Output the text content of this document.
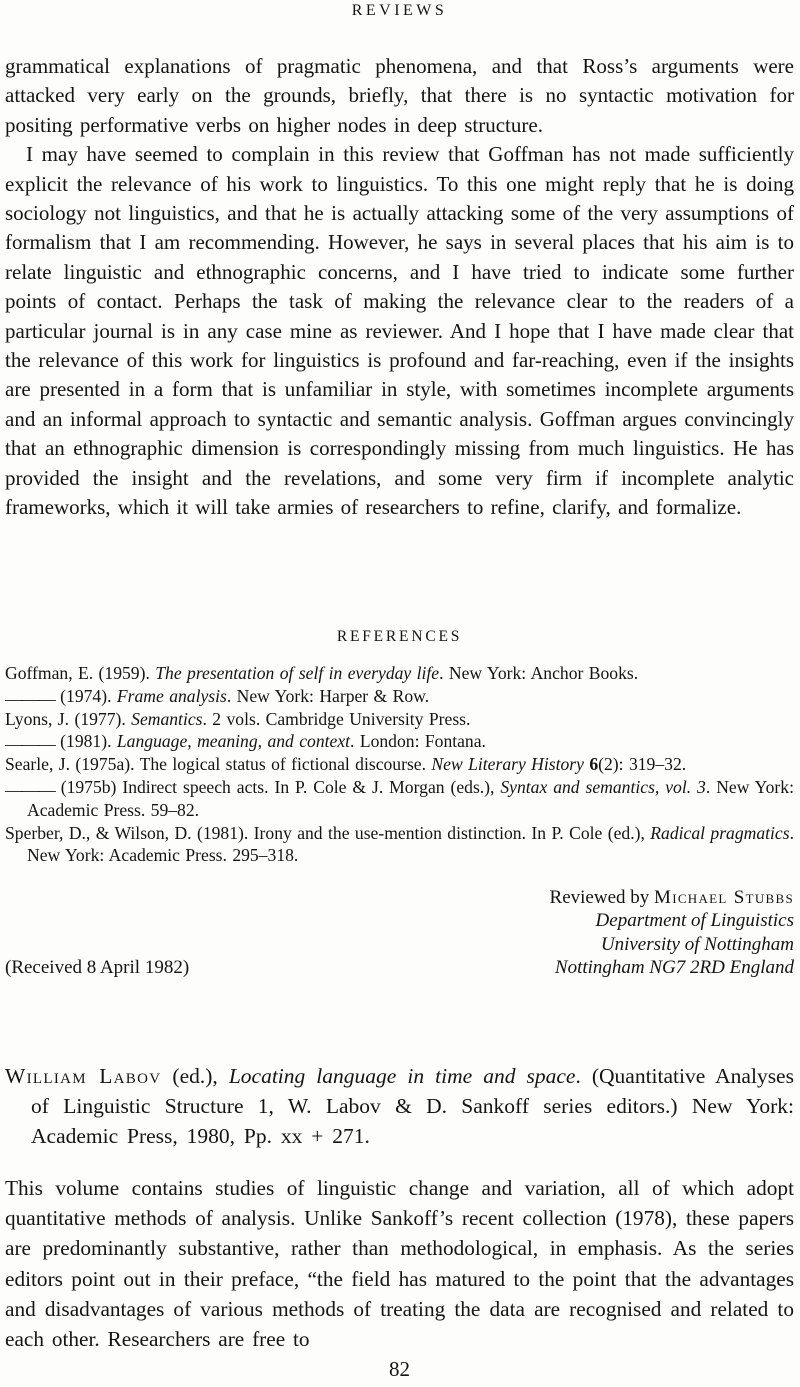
REVIEWS

grammatical explanations of pragmatic phenomena, and that Ross’s arguments were attacked very early on the grounds, briefly, that there is no syntactic motivation for positing performative verbs on higher nodes in deep structure.

I may have seemed to complain in this review that Goffman has not made sufficiently explicit the relevance of his work to linguistics. To this one might reply that he is doing sociology not linguistics, and that he is actually attacking some of the very assumptions of formalism that I am recommending. However, he says in several places that his aim is to relate linguistic and ethnographic concerns, and I have tried to indicate some further points of contact. Perhaps the task of making the relevance clear to the readers of a particular journal is in any case mine as reviewer. And I hope that I have made clear that the relevance of this work for linguistics is profound and far-reaching, even if the insights are presented in a form that is unfamiliar in style, with sometimes incomplete arguments and an informal approach to syntactic and semantic analysis. Goffman argues convincingly that an ethnographic dimension is correspondingly missing from much linguistics. He has provided the insight and the revelations, and some very firm if incomplete analytic frameworks, which it will take armies of researchers to refine, clarify, and formalize.

REFERENCES
Goffman, E. (1959). The presentation of self in everyday life. New York: Anchor Books.
——— (1974). Frame analysis. New York: Harper & Row.
Lyons, J. (1977). Semantics. 2 vols. Cambridge University Press.
——— (1981). Language, meaning, and context. London: Fontana.
Searle, J. (1975a). The logical status of fictional discourse. New Literary History 6(2): 319–32.
——— (1975b) Indirect speech acts. In P. Cole & J. Morgan (eds.), Syntax and semantics, vol. 3. New York: Academic Press. 59–82.
Sperber, D., & Wilson, D. (1981). Irony and the use-mention distinction. In P. Cole (ed.), Radical pragmatics. New York: Academic Press. 295–318.
(Received 8 April 1982)
Reviewed by Michael Stubbs
Department of Linguistics
University of Nottingham
Nottingham NG7 2RD England
William Labov (ed.), Locating language in time and space. (Quantitative Analyses of Linguistic Structure 1, W. Labov & D. Sankoff series editors.) New York: Academic Press, 1980, Pp. xx + 271.

This volume contains studies of linguistic change and variation, all of which adopt quantitative methods of analysis. Unlike Sankoff’s recent collection (1978), these papers are predominantly substantive, rather than methodological, in emphasis. As the series editors point out in their preface, “the field has matured to the point that the advantages and disadvantages of various methods of treating the data are recognised and related to each other. Researchers are free to

82
